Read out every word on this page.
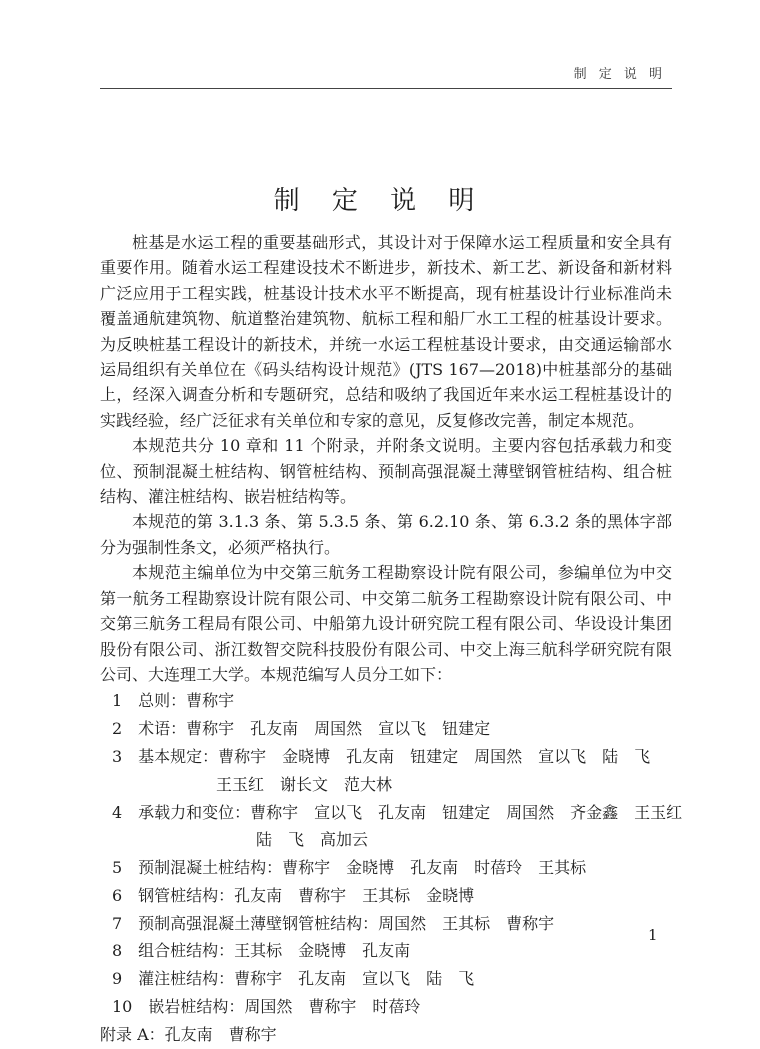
制 定 说 明
制 定 说 明

桩基是水运工程的重要基础形式，其设计对于保障水运工程质量和安全具有重要作用。随着水运工程建设技术不断进步，新技术、新工艺、新设备和新材料广泛应用于工程实践，桩基设计技术水平不断提高，现有桩基设计行业标准尚未覆盖通航建筑物、航道整治建筑物、航标工程和船厂水工工程的桩基设计要求。为反映桩基工程设计的新技术，并统一水运工程桩基设计要求，由交通运输部水运局组织有关单位在《码头结构设计规范》(JTS 167—2018)中桩基部分的基础上，经深入调查分析和专题研究，总结和吸纳了我国近年来水运工程桩基设计的实践经验，经广泛征求有关单位和专家的意见，反复修改完善，制定本规范。

本规范共分 10 章和 11 个附录，并附条文说明。主要内容包括承载力和变位、预制混凝土桩结构、钢管桩结构、预制高强混凝土薄壁钢管桩结构、组合桩结构、灌注桩结构、嵌岩桩结构等。

本规范的第 3.1.3 条、第 5.3.5 条、第 6.2.10 条、第 6.3.2 条的黑体字部分为强制性条文，必须严格执行。

本规范主编单位为中交第三航务工程勘察设计院有限公司，参编单位为中交第一航务工程勘察设计院有限公司、中交第二航务工程勘察设计院有限公司、中交第三航务工程局有限公司、中船第九设计研究院工程有限公司、华设设计集团股份有限公司、浙江数智交院科技股份有限公司、中交上海三航科学研究院有限公司、大连理工大学。本规范编写人员分工如下：

1　总则：曹称宇
2　术语：曹称宇　孔友南　周国然　宣以飞　钮建定
3　基本规定：曹称宇　金晓博　孔友南　钮建定　周国然　宣以飞　陆　飞
王玉红　谢长文　范大林
4　承载力和变位：曹称宇　宣以飞　孔友南　钮建定　周国然　齐金鑫　王玉红
陆　飞　高加云
5　预制混凝土桩结构：曹称宇　金晓博　孔友南　时蓓玲　王其标
6　钢管桩结构：孔友南　曹称宇　王其标　金晓博
7　预制高强混凝土薄壁钢管桩结构：周国然　王其标　曹称宇
8　组合桩结构：王其标　金晓博　孔友南
9　灌注桩结构：曹称宇　孔友南　宣以飞　陆　飞
10　嵌岩桩结构：周国然　曹称宇　时蓓玲
附录 A：孔友南　曹称宇
1
